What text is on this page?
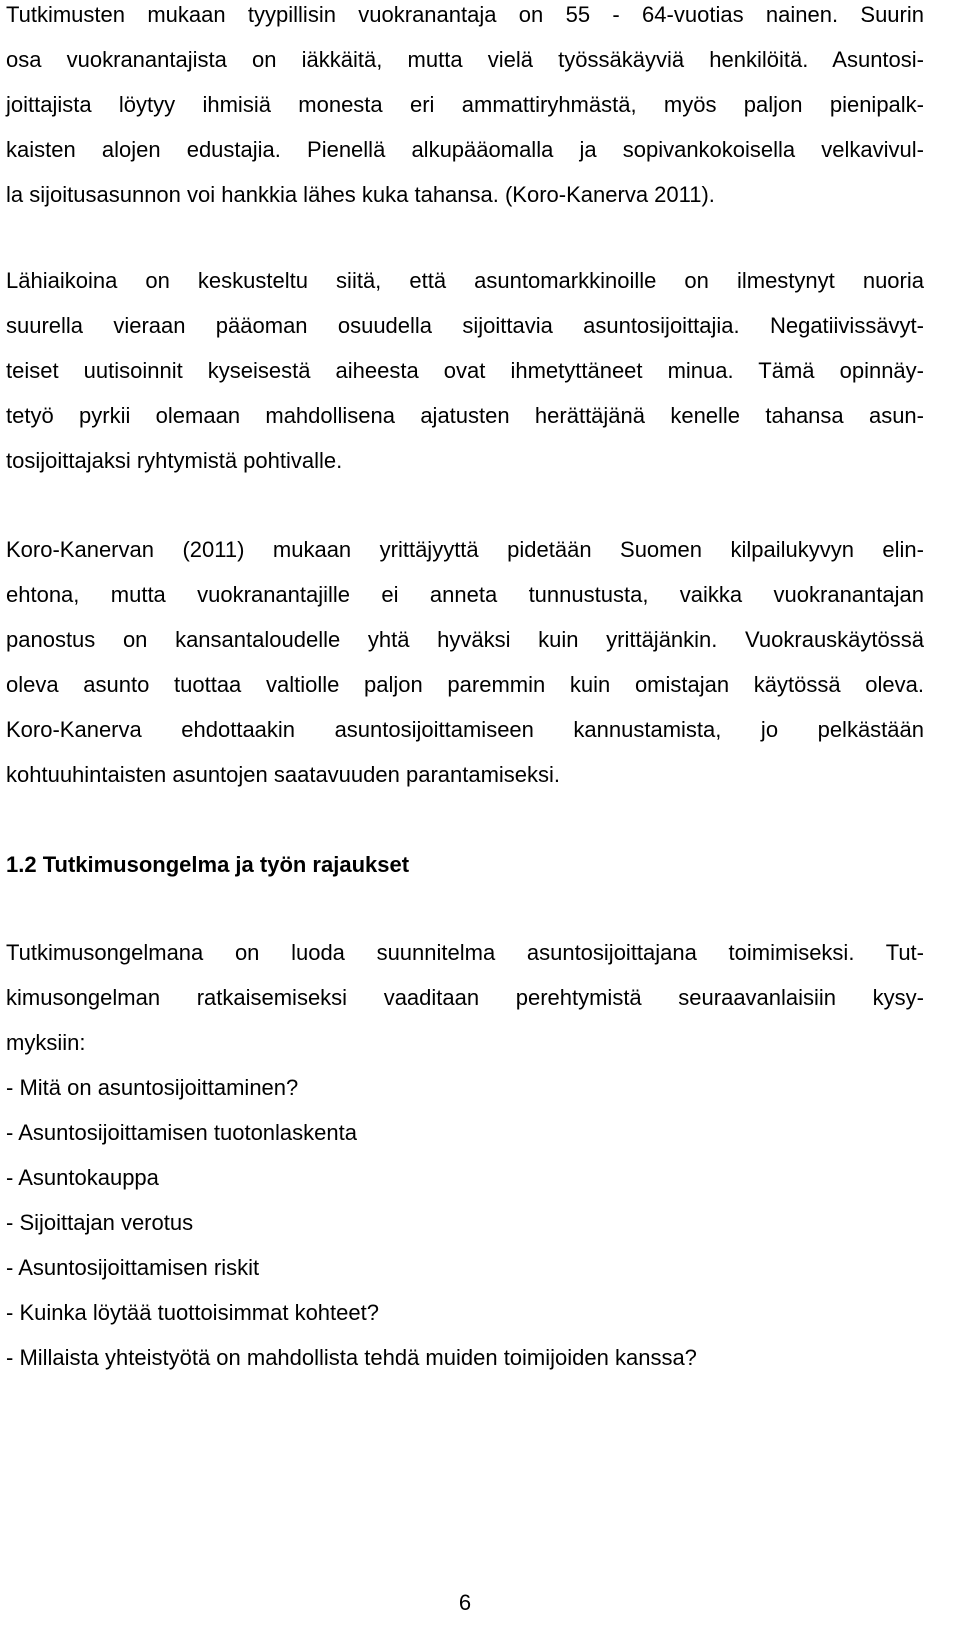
Tutkimusten mukaan tyypillisin vuokranantaja on 55 - 64-vuotias nainen. Suurin
osa vuokranantajista on iäkkäitä, mutta vielä työssäkäyviä henkilöitä. Asuntosi-
joittajista löytyy ihmisiä monesta eri ammattiryhmästä, myös paljon pienipalk-
kaisten alojen edustajia. Pienellä alkupääomalla ja sopivankokoisella velkavivul-
la sijoitusasunnon voi hankkia lähes kuka tahansa. (Koro-Kanerva 2011).
Lähiaikoina on keskusteltu siitä, että asuntomarkkinoille on ilmestynyt nuoria
suurella vieraan pääoman osuudella sijoittavia asuntosijoittajia. Negatiivissävyt-
teiset uutisoinnit kyseisestä aiheesta ovat ihmetyttäneet minua. Tämä opinnäy-
tetyö pyrkii olemaan mahdollisena ajatusten herättäjänä kenelle tahansa asun-
tosijoittajaksi ryhtymistä pohtivalle.
Koro-Kanervan (2011) mukaan yrittäjyyttä pidetään Suomen kilpailukyvyn elin-
ehtona, mutta vuokranantajille ei anneta tunnustusta, vaikka vuokranantajan
panostus on kansantaloudelle yhtä hyväksi kuin yrittäjänkin. Vuokrauskäytössä
oleva asunto tuottaa valtiolle paljon paremmin kuin omistajan käytössä oleva.
Koro-Kanerva ehdottaakin asuntosijoittamiseen kannustamista, jo pelkästään
kohtuuhintaisten asuntojen saatavuuden parantamiseksi.
1.2 Tutkimusongelma ja työn rajaukset
Tutkimusongelmana on luoda suunnitelma asuntosijoittajana toimimiseksi. Tut-
kimusongelman ratkaisemiseksi vaaditaan perehtymistä seuraavanlaisiin kysy-
myksiin:
- Mitä on asuntosijoittaminen?
- Asuntosijoittamisen tuotonlaskenta
- Asuntokauppa
- Sijoittajan verotus
- Asuntosijoittamisen riskit
- Kuinka löytää tuottoisimmat kohteet?
- Millaista yhteistyötä on mahdollista tehdä muiden toimijoiden kanssa?
6
